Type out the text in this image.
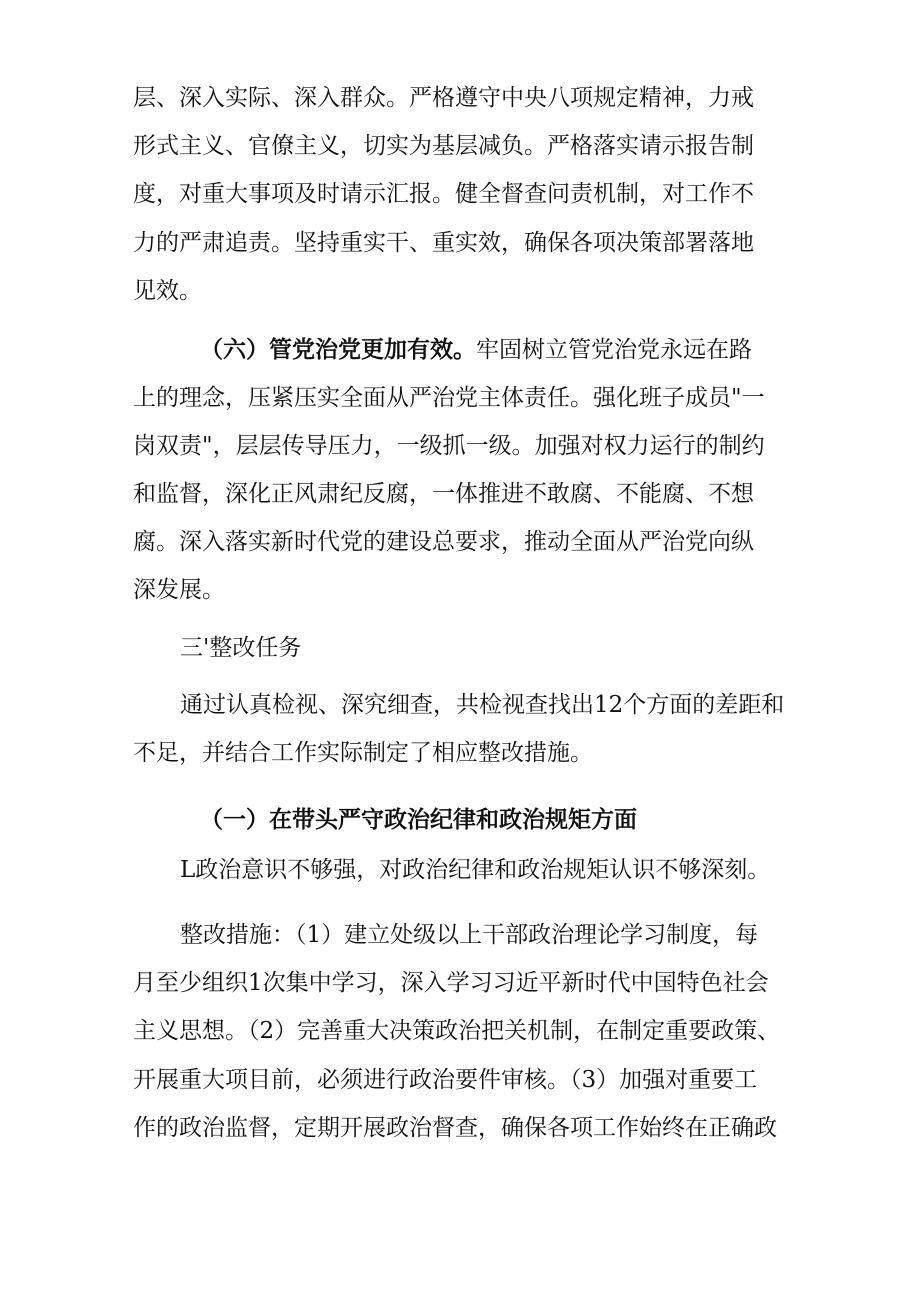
层、深入实际、深入群众。严格遵守中央八项规定精神，力戒
形式主义、官僚主义，切实为基层减负。严格落实请示报告制
度，对重大事项及时请示汇报。健全督查问责机制，对工作不
力的严肃追责。坚持重实干、重实效，确保各项决策部署落地
见效。
（六）管党治党更加有效。牢固树立管党治党永远在路
上的理念，压紧压实全面从严治党主体责任。强化班子成员"一
岗双责"，层层传导压力，一级抓一级。加强对权力运行的制约
和监督，深化正风肃纪反腐，一体推进不敢腐、不能腐、不想
腐。深入落实新时代党的建设总要求，推动全面从严治党向纵
深发展。
三'整改任务
通过认真检视、深究细查，共检视查找出12个方面的差距和
不足，并结合工作实际制定了相应整改措施。
（一）在带头严守政治纪律和政治规矩方面
L政治意识不够强，对政治纪律和政治规矩认识不够深刻。
整改措施：（1）建立处级以上干部政治理论学习制度，每
月至少组织1次集中学习，深入学习习近平新时代中国特色社会
主义思想。（2）完善重大决策政治把关机制，在制定重要政策、
开展重大项目前，必须进行政治要件审核。（3）加强对重要工
作的政治监督，定期开展政治督查，确保各项工作始终在正确政
